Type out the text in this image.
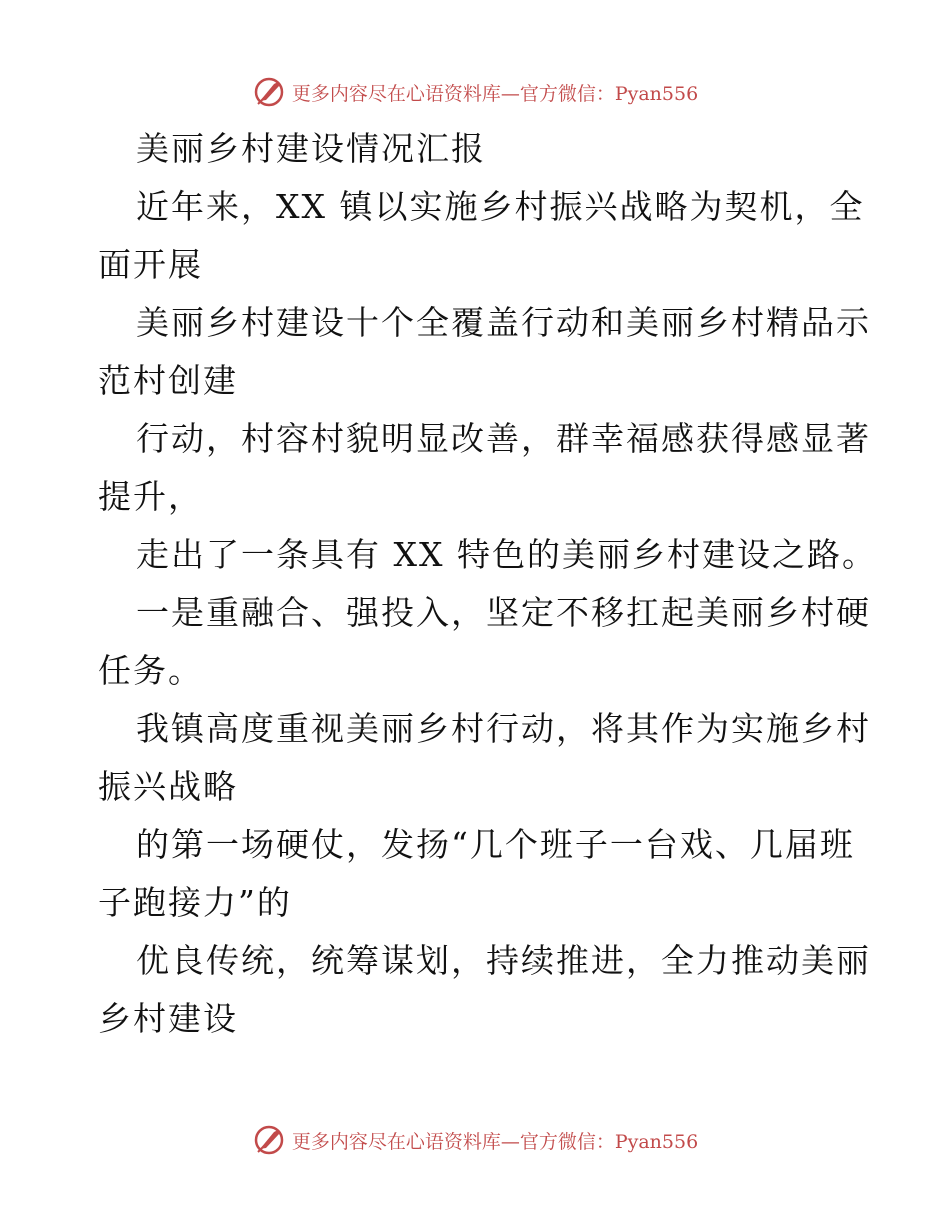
更多内容尽在心语资料库—官方微信：Pyan556
美丽乡村建设情况汇报
近年来，XX 镇以实施乡村振兴战略为契机，全
面开展
美丽乡村建设十个全覆盖行动和美丽乡村精品示
范村创建
行动，村容村貌明显改善，群幸福感获得感显著
提升，
走出了一条具有 XX 特色的美丽乡村建设之路。
一是重融合、强投入，坚定不移扛起美丽乡村硬
任务。
我镇高度重视美丽乡村行动，将其作为实施乡村
振兴战略
的第一场硬仗，发扬“几个班子一台戏、几届班
子跑接力”的
优良传统，统筹谋划，持续推进，全力推动美丽
乡村建设
更多内容尽在心语资料库—官方微信：Pyan556
